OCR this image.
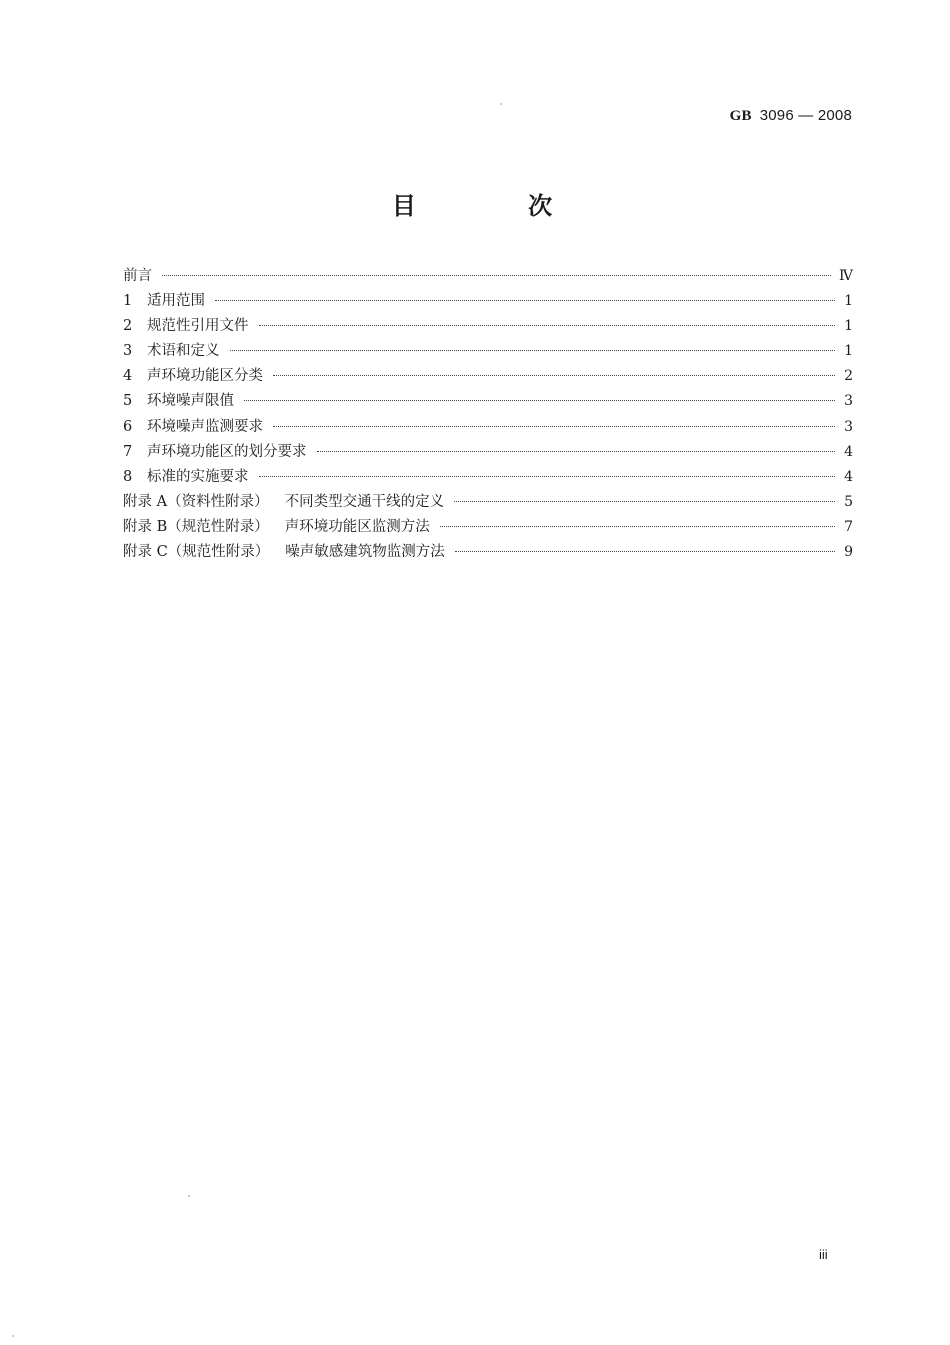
GB 3096 — 2008
目 次
前言	Ⅳ
1	适用范围	1
2	规范性引用文件	1
3	术语和定义	1
4	声环境功能区分类	2
5	环境噪声限值	3
6	环境噪声监测要求	3
7	声环境功能区的划分要求	4
8	标准的实施要求	4
附录 A（资料性附录） 不同类型交通干线的定义	5
附录 B（规范性附录） 声环境功能区监测方法	7
附录 C（规范性附录） 噪声敏感建筑物监测方法	9
iii
